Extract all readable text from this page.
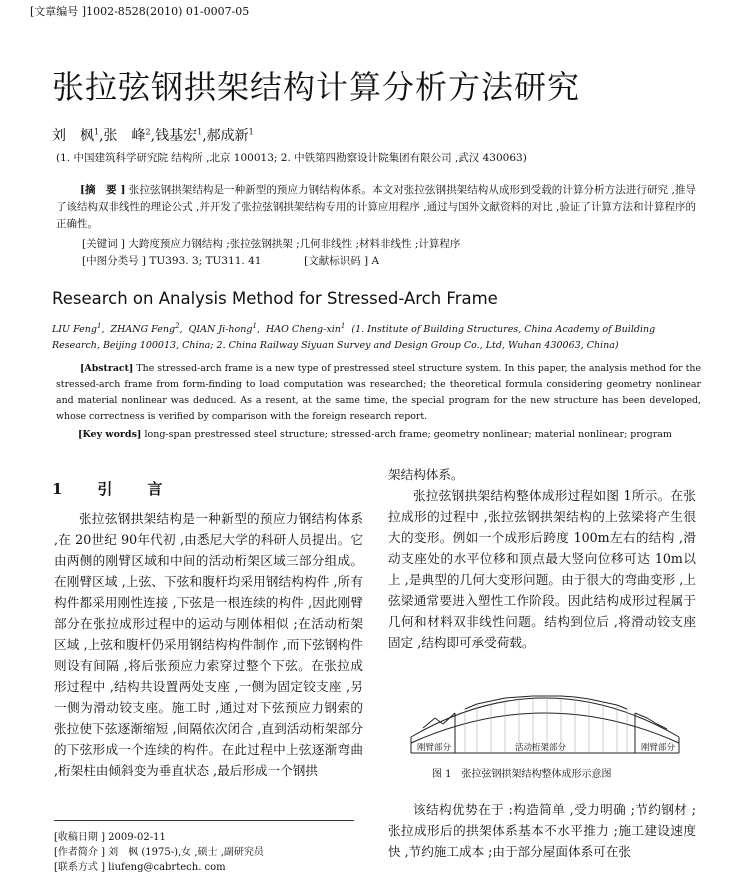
[文章编号 ]1002-8528(2010) 01-0007-05
张拉弦钢拱架结构计算分析方法研究
刘　枫$^1$,张　峰$^2$,钱基宏$^1$,郝成新$^1$
(1. 中国建筑科学研究院 结构所 ,北京 100013; 2. 中铁第四勘察设计院集团有限公司 ,武汉 430063)
[摘　要 ] 张拉弦钢拱架结构是一种新型的预应力钢结构体系。本文对张拉弦钢拱架结构从成形到受载的计算分析方法进行研究 ,推导了该结构双非线性的理论公式 ,并开发了张拉弦钢拱架结构专用的计算应用程序 ,通过与国外文献资料的对比 ,验证了计算方法和计算程序的正确性。
[关键词 ] 大跨度预应力钢结构 ;张拉弦钢拱架 ;几何非线性 ;材料非线性 ;计算程序
[中图分类号 ] TU393. 3; TU311. 41	[文献标识码 ] A
Research on Analysis Method for Stressed-Arch Frame
LIU Feng$^1$,  ZHANG Feng$^2$,  QIAN Ji-hong$^1$,  HAO Cheng-xin$^1$ (1. Institute of Building Structures, China Academy of Building Research, Beijing 100013, China; 2. China Railway Siyuan Survey and Design Group Co., Ltd, Wuhan 430063, China)
[Abstract] The stressed-arch frame is a new type of prestressed steel structure system. In this paper, the analysis method for the stressed-arch frame from form-finding to load computation was researched; the theoretical formula considering geometry nonlinear and material nonlinear was deduced. As a resent, at the same time, the special program for the new structure has been developed, whose correctness is verified by comparison with the foreign research report.
[Key words] long-span prestressed steel structure; stressed-arch frame; geometry nonlinear; material nonlinear; program
1　引　言
张拉弦钢拱架结构是一种新型的预应力钢结构体系 ,在 20世纪 90年代初 ,由悉尼大学的科研人员提出。它由两侧的刚臂区域和中间的活动桁架区域三部分组成。在刚臂区域 ,上弦、下弦和腹杆均采用钢结构构件 ,所有构件都采用刚性连接 ,下弦是一根连续的构件 ,因此刚臂部分在张拉成形过程中的运动与刚体相似 ;在活动桁架区域 ,上弦和腹杆仍采用钢结构构件制作 ,而下弦钢构件则设有间隔 ,将后张预应力索穿过整个下弦。在张拉成形过程中 ,结构共设置两处支座 ,一侧为固定铰支座 ,另一侧为滑动铰支座。施工时 ,通过对下弦预应力钢索的张拉使下弦逐渐缩短 ,间隔依次闭合 ,直到活动桁架部分的下弦形成一个连续的构件。在此过程中上弦逐渐弯曲 ,桁架柱由倾斜变为垂直状态 ,最后形成一个钢拱
架结构体系。
张拉弦钢拱架结构整体成形过程如图 1所示。在张拉成形的过程中 ,张拉弦钢拱架结构的上弦梁将产生很大的变形。例如一个成形后跨度 100m左右的结构 ,滑动支座处的水平位移和顶点最大竖向位移可达 10m以上 ,是典型的几何大变形问题。由于很大的弯曲变形 ,上弦梁通常要进入塑性工作阶段。因此结构成形过程属于几何和材料双非线性问题。结构到位后 ,将滑动铰支座固定 ,结构即可承受荷载。
刚臂部分	活动桁架部分	刚臂部分
图 1　张拉弦钢拱架结构整体成形示意图
该结构优势在于 :构造简单 ,受力明确 ;节约钢材 ;张拉成形后的拱架体系基本不水平推力 ;施工建设速度快 ,节约施工成本 ;由于部分屋面体系可在张
[收稿日期 ] 2009-02-11
[作者简介 ] 刘　枫 (1975-),女 ,硕士 ,副研究员
[联系方式 ] liufeng@cabrtech. com
